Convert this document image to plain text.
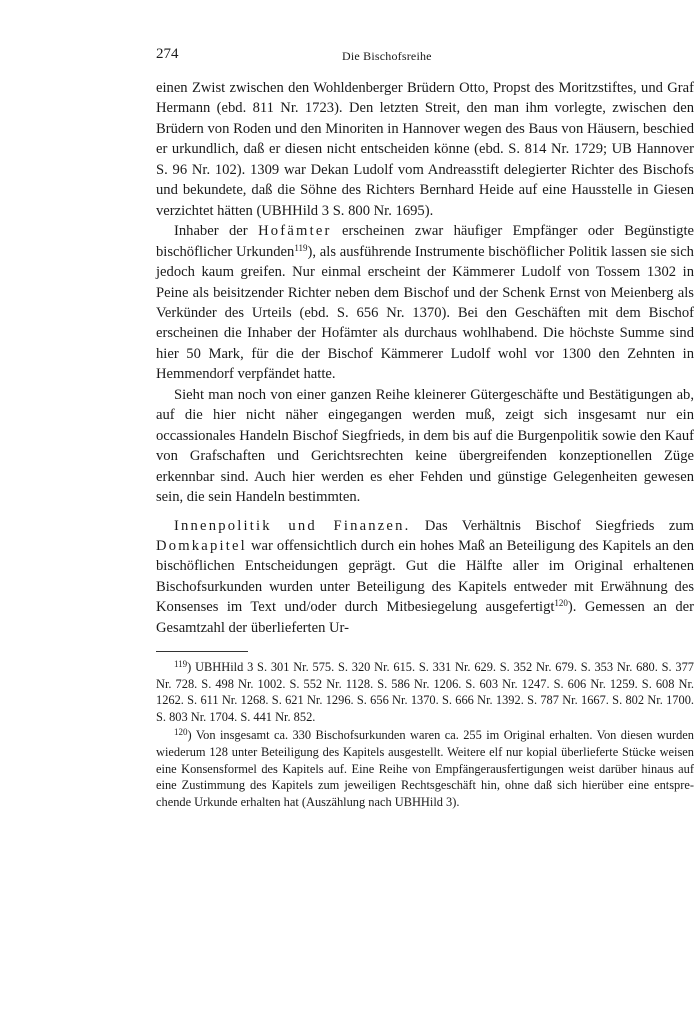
274	Die Bischofsreihe

einen Zwist zwischen den Wohldenberger Brüdern Otto, Propst des Moritzstiftes, und Graf Hermann (ebd. 811 Nr. 1723). Den letzten Streit, den man ihm vorlegte, zwischen den Brüdern von Roden und den Minoriten in Hannover wegen des Baus von Häusern, beschied er urkundlich, daß er diesen nicht entscheiden könne (ebd. S. 814 Nr. 1729; UB Hannover S. 96 Nr. 102). 1309 war Dekan Ludolf vom Andreasstift delegierter Richter des Bischofs und bekundete, daß die Söhne des Richters Bernhard Heide auf eine Hausstelle in Giesen verzichtet hätten (UBHHild 3 S. 800 Nr. 1695).

Inhaber der Hofämter erscheinen zwar häufiger Empfänger oder Begünstigte bischöflicher Urkunden$^{119}$), als ausführende Instrumente bischöflicher Politik lassen sie sich jedoch kaum greifen. Nur einmal erscheint der Kämmerer Ludolf von Tossem 1302 in Peine als beisitzender Richter neben dem Bischof und der Schenk Ernst von Meienberg als Verkünder des Urteils (ebd. S. 656 Nr. 1370). Bei den Geschäften mit dem Bischof erscheinen die Inhaber der Hofämter als durchaus wohlhabend. Die höchste Summe sind hier 50 Mark, für die der Bischof Kämmerer Ludolf wohl vor 1300 den Zehnten in Hemmendorf verpfändet hatte.

Sieht man noch von einer ganzen Reihe kleinerer Gütergeschäfte und Bestätigungen ab, auf die hier nicht näher eingegangen werden muß, zeigt sich insgesamt nur ein occassionales Handeln Bischof Siegfrieds, in dem bis auf die Burgenpolitik sowie den Kauf von Grafschaften und Gerichtsrechten keine übergreifenden konzeptionellen Züge erkennbar sind. Auch hier werden es eher Fehden und günstige Gelegenheiten gewesen sein, die sein Handeln bestimmten.

Innenpolitik und Finanzen. Das Verhältnis Bischof Siegfrieds zum Domkapitel war offensichtlich durch ein hohes Maß an Beteiligung des Kapitels an den bischöflichen Entscheidungen geprägt. Gut die Hälfte aller im Original erhaltenen Bischofsurkunden wurden unter Beteiligung des Kapitels entweder mit Erwähnung des Konsenses im Text und/oder durch Mitbesiegelung ausgefertigt$^{120}$). Gemessen an der Gesamtzahl der überlieferten Ur-

$^{119}$) UBHHild 3 S. 301 Nr. 575. S. 320 Nr. 615. S. 331 Nr. 629. S. 352 Nr. 679. S. 353 Nr. 680. S. 377 Nr. 728. S. 498 Nr. 1002. S. 552 Nr. 1128. S. 586 Nr. 1206. S. 603 Nr. 1247. S. 606 Nr. 1259. S. 608 Nr. 1262. S. 611 Nr. 1268. S. 621 Nr. 1296. S. 656 Nr. 1370. S. 666 Nr. 1392. S. 787 Nr. 1667. S. 802 Nr. 1700. S. 803 Nr. 1704. S. 441 Nr. 852.

$^{120}$) Von insgesamt ca. 330 Bischofsurkunden waren ca. 255 im Original erhalten. Von diesen wurden wiederum 128 unter Beteiligung des Kapitels ausgestellt. Weitere elf nur kopial überlieferte Stücke weisen eine Konsensformel des Kapitels auf. Eine Reihe von Empfängerausfertigungen weist darüber hinaus auf eine Zustimmung des Kapitels zum jeweiligen Rechtsgeschäft hin, ohne daß sich hierüber eine entsprechende Urkunde erhalten hat (Auszählung nach UBHHild 3).
